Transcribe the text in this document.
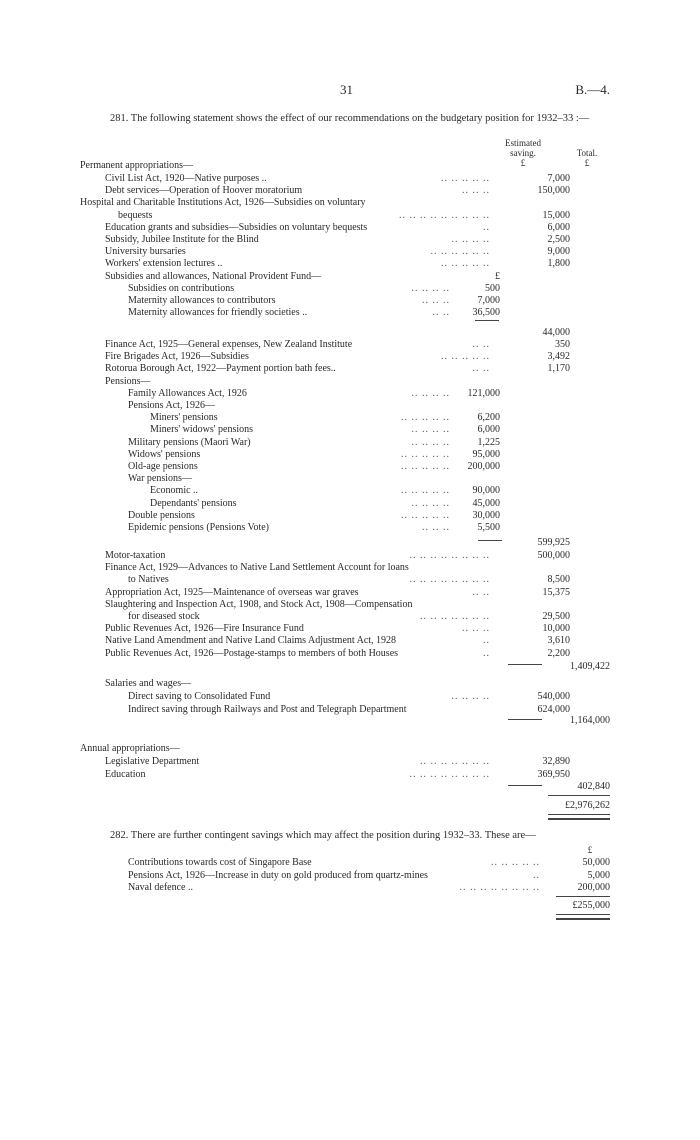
31	B.—4.
281. The following statement shows the effect of our recommendations on the budgetary position for 1932–33 :—
Estimated saving.
£
Total.
£
Permanent appropriations—
Civil List Act, 1920—Native purposes ..	.. .. .. .. ..	7,000
Debt services—Operation of Hoover moratorium	.. .. ..	150,000
Hospital and Charitable Institutions Act, 1926—Subsidies on voluntary
bequests	.. .. .. .. .. .. .. .. ..	15,000
Education grants and subsidies—Subsidies on voluntary bequests	..	6,000
Subsidy, Jubilee Institute for the Blind	.. .. .. ..	2,500
University bursaries	.. .. .. .. .. ..	9,000
Workers' extension lectures ..	.. .. .. .. ..	1,800
Subsidies and allowances, National Provident Fund—	£
Subsidies on contributions	.. .. .. ..	500
Maternity allowances to contributors	.. .. ..	7,000
Maternity allowances for friendly societies ..	.. .. 36,500
44,000
Finance Act, 1925—General expenses, New Zealand Institute	.. ..	350
Fire Brigades Act, 1926—Subsidies	.. .. .. .. ..	3,492
Rotorua Borough Act, 1922—Payment portion bath fees..	.. ..	1,170
Pensions—
Family Allowances Act, 1926	.. .. .. .. 121,000
Pensions Act, 1926—
Miners' pensions	.. .. .. .. ..	6,200
Miners' widows' pensions	.. .. .. ..	6,000
Military pensions (Maori War)	.. .. .. ..	1,225
Widows' pensions	.. .. .. .. .. 95,000
Old-age pensions	.. .. .. .. .. 200,000
War pensions—
Economic ..	.. .. .. .. .. 90,000
Dependants' pensions	.. .. .. .. 45,000
Double pensions	.. .. .. .. .. 30,000
Epidemic pensions (Pensions Vote)	.. .. ..	5,500
599,925
Motor-taxation	.. .. .. .. .. .. .. ..	500,000
Finance Act, 1929—Advances to Native Land Settlement Account for loans
to Natives	.. .. .. .. .. .. .. ..	8,500
Appropriation Act, 1925—Maintenance of overseas war graves	.. ..	15,375
Slaughtering and Inspection Act, 1908, and Stock Act, 1908—Compensation
for diseased stock	.. .. .. .. .. .. ..	29,500
Public Revenues Act, 1926—Fire Insurance Fund	.. .. ..	10,000
Native Land Amendment and Native Land Claims Adjustment Act, 1928	..	3,610
Public Revenues Act, 1926—Postage-stamps to members of both Houses	..	2,200
1,409,422
Salaries and wages—
Direct saving to Consolidated Fund	.. .. .. ..	540,000
Indirect saving through Railways and Post and Telegraph Department	624,000
1,164,000
Annual appropriations—
Legislative Department	.. .. .. .. .. .. ..	32,890
Education	.. .. .. .. .. .. .. ..	369,950
402,840
£2,976,262
282. There are further contingent savings which may affect the position during 1932–33. These are—
£
Contributions towards cost of Singapore Base	.. .. .. .. ..	50,000
Pensions Act, 1926—Increase in duty on gold produced from quartz-mines	..	5,000
Naval defence ..	.. .. .. .. .. .. .. ..	200,000
£255,000
